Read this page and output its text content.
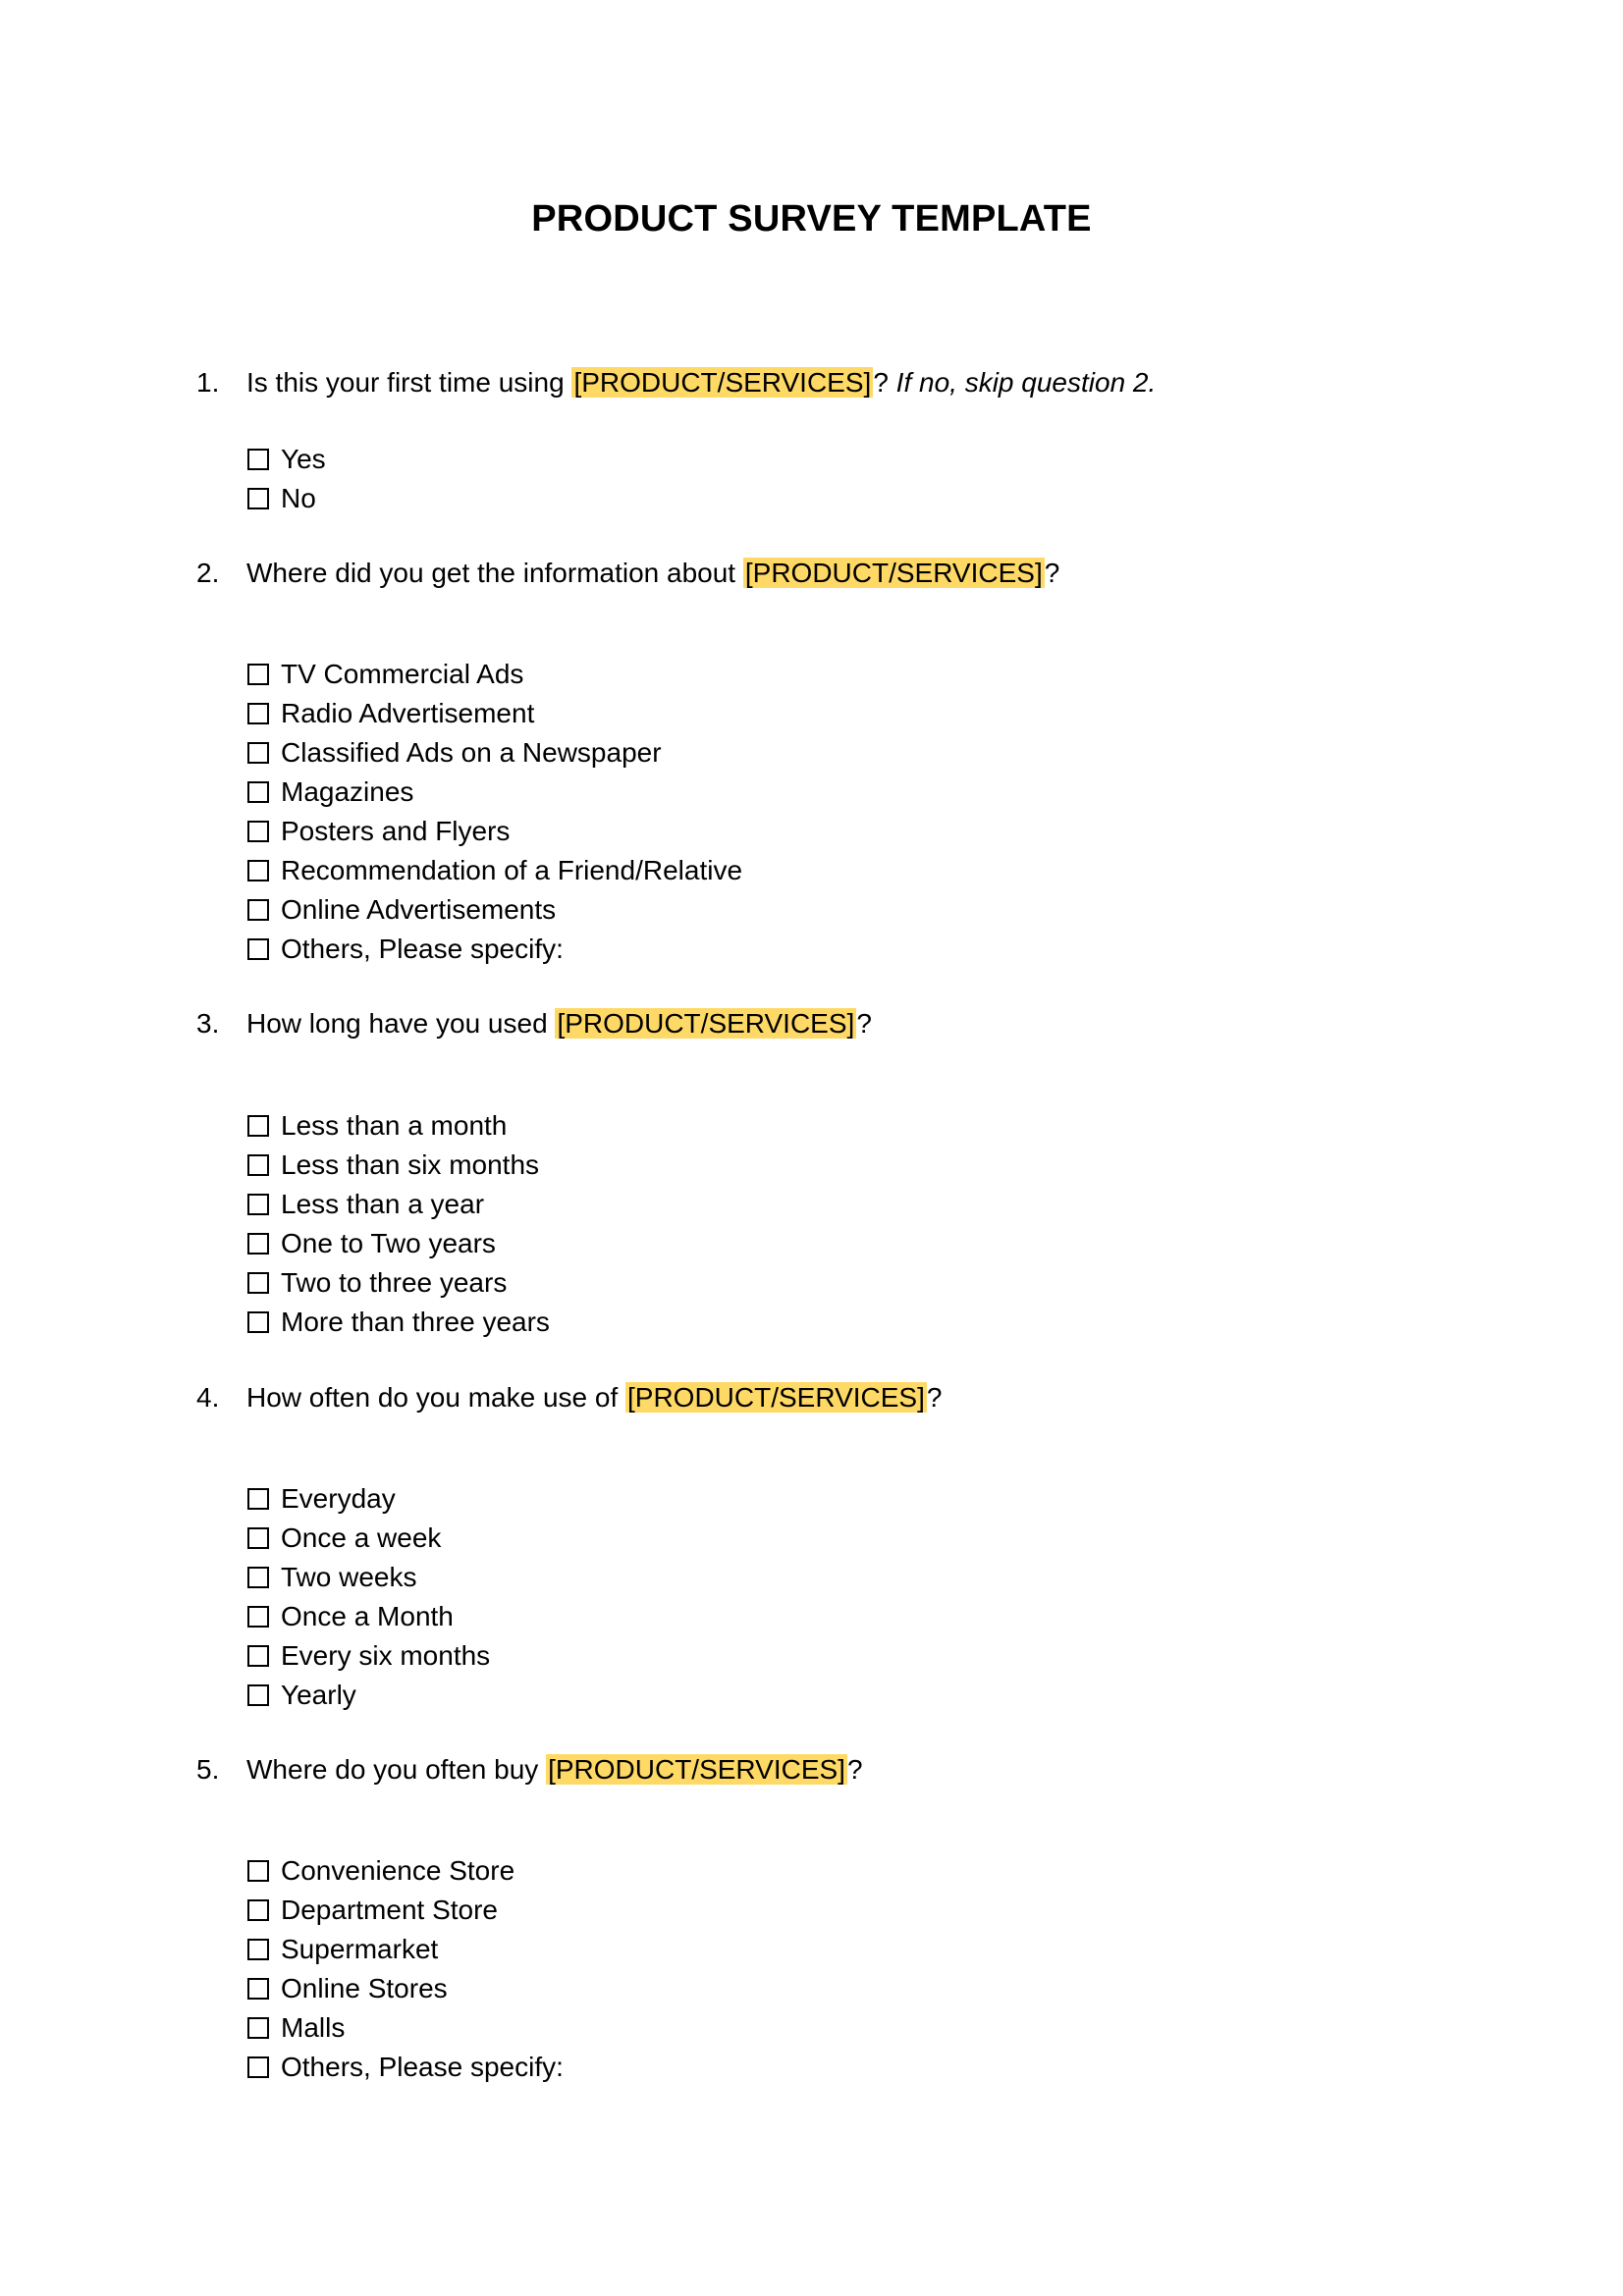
PRODUCT SURVEY TEMPLATE
1. Is this your first time using [PRODUCT/SERVICES]? If no, skip question 2.
Yes
No
2. Where did you get the information about [PRODUCT/SERVICES]?
TV Commercial Ads
Radio Advertisement
Classified Ads on a Newspaper
Magazines
Posters and Flyers
Recommendation of a Friend/Relative
Online Advertisements
Others, Please specify:
3. How long have you used [PRODUCT/SERVICES]?
Less than a month
Less than six months
Less than a year
One to Two years
Two to three years
More than three years
4. How often do you make use of [PRODUCT/SERVICES]?
Everyday
Once a week
Two weeks
Once a Month
Every six months
Yearly
5. Where do you often buy [PRODUCT/SERVICES]?
Convenience Store
Department Store
Supermarket
Online Stores
Malls
Others, Please specify:
